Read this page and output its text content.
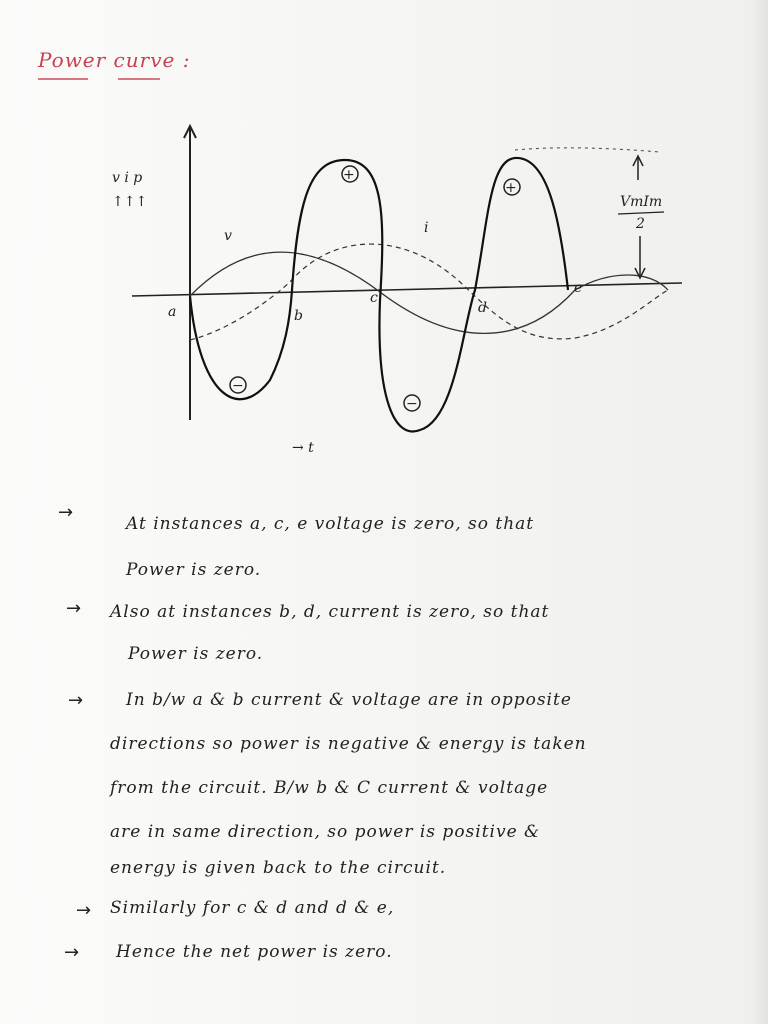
Power curve :
+
+
−
−
v i p
↑↑↑
v	i
a	b
c
d
e
VmIm
2
→ t
→
At instances a, c, e voltage is zero, so that
Power is zero.
→ Also at instances b, d, current is zero, so that
Power is zero.
→	In b/w a & b current & voltage are in opposite
directions so power is negative & energy is taken
from the circuit. B/w b & C current & voltage
are in same direction, so power is positive &
energy is given back to the circuit.
→ Similarly for c & d and d & e,
→ Hence the net power is zero.
